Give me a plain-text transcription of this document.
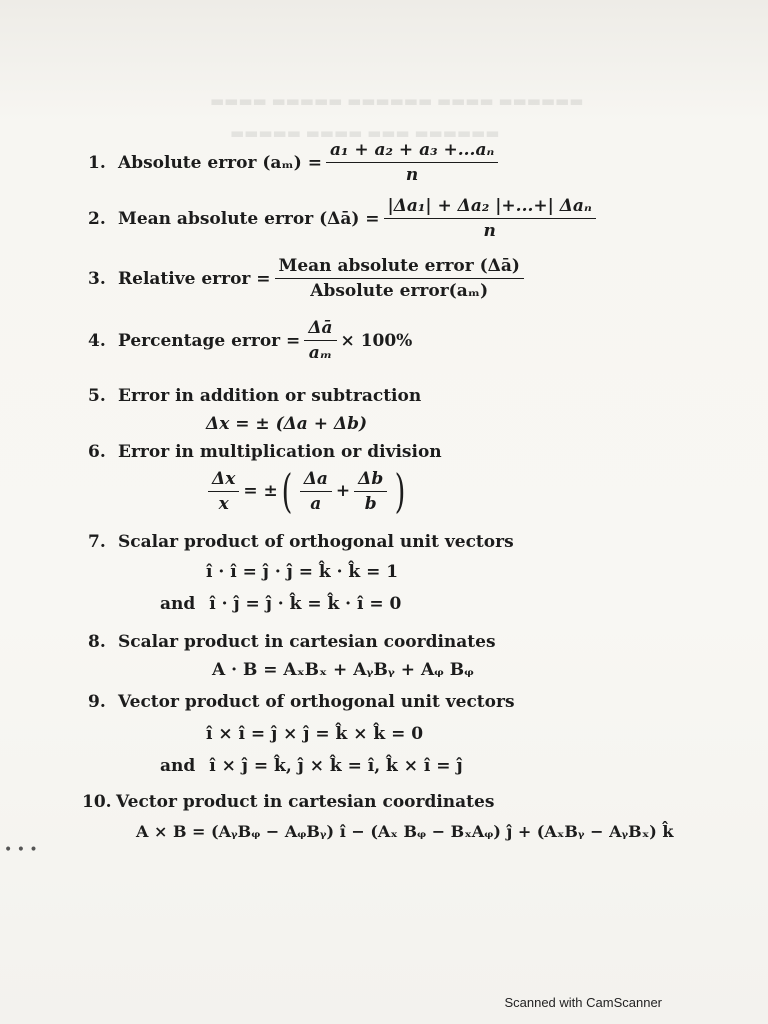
▬▬▬▬ ▬▬▬▬▬ ▬▬▬▬▬▬ ▬▬▬▬ ▬▬▬▬▬▬
▬▬▬▬▬ ▬▬▬▬ ▬▬▬ ▬▬▬▬▬▬
1. Absolute error $(a_m) = \frac{\text{a₁ + a₂ + a₃ +...aₙ}}{n}$
2. Mean absolute error (Δā) = $\frac{\text{|Δa₁| + Δa₂ |+...+| Δaₙ}}{n}$
3. Relative error = $\frac{\text{Mean absolute error (Δā)}}{\text{Absolute error(aₘ)}}$
4. Percentage error = $\frac{\Delta ā}{\text{aₘ}} \times 100\%$
5. Error in addition or subtraction
Δx = ± (Δa + Δb)
6. Error in multiplication or division
$\frac{\Delta x}{x}$ = ± ( $\frac{\Delta a}{a} + \frac{\Delta b}{b}$ )
7. Scalar product of orthogonal unit vectors
î · î = ĵ · ĵ = k̂ · k̂ = 1
and î · ĵ = ĵ · k̂ = k̂ · î = 0
8. Scalar product in cartesian coordinates
A · B = AₓBₓ + AᵧBᵧ + Aᵩ Bᵩ
9. Vector product of orthogonal unit vectors
î × î = ĵ × ĵ = k̂ × k̂ = 0
and î × ĵ = k̂, ĵ × k̂ = î, k̂ × î = ĵ
10. Vector product in cartesian coordinates
A × B = (AᵧBᵩ − AᵩBᵧ) î − (Aₓ Bᵩ − BₓAᵩ) ĵ + (AₓBᵧ − AᵧBₓ) k̂
• • •
Scanned with CamScanner
